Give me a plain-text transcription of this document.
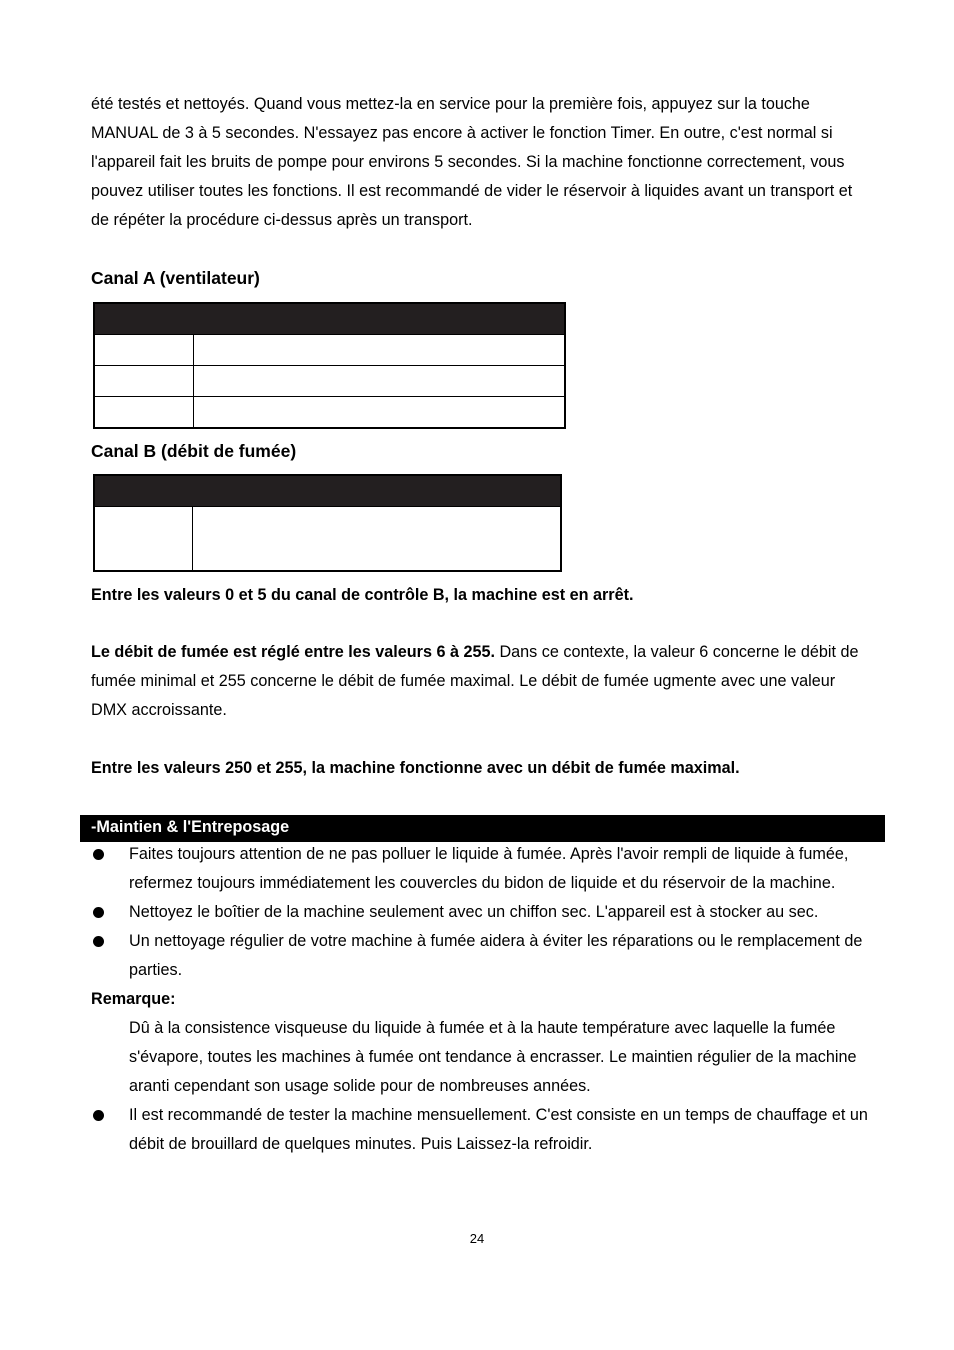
été testés et nettoyés. Quand vous mettez-la en service pour la première fois, appuyez sur la touche MANUAL de 3 à 5 secondes. N'essayez pas encore à activer le fonction Timer. En outre, c'est normal si l'appareil fait les bruits de pompe pour environs 5 secondes. Si la machine fonctionne correctement, vous pouvez utiliser toutes les fonctions. Il est recommandé de vider le réservoir à liquides avant un transport et de répéter la procédure ci-dessus après un transport.

Canal A (ventilateur)

Canal B (débit de fumée)

Entre les valeurs 0 et 5 du canal de contrôle B, la machine est en arrêt.

Le débit de fumée est réglé entre les valeurs 6 à 255. Dans ce contexte, la valeur 6 concerne le débit de fumée minimal et 255 concerne le débit de fumée maximal. Le débit de fumée ugmente avec une valeur DMX accroissante.

Entre les valeurs 250 et 255, la machine fonctionne avec un débit de fumée maximal.

-Maintien & l'Entreposage
Faites toujours attention de ne pas polluer le liquide à fumée. Après l'avoir rempli de liquide à fumée, refermez toujours immédiatement les couvercles du bidon de liquide et du réservoir de la machine.
Nettoyez le boîtier de la machine seulement avec un chiffon sec. L'appareil est à stocker au sec.
Un nettoyage régulier de votre machine à fumée aidera à éviter les réparations ou le remplacement de parties.
Remarque:
Dû à la consistence visqueuse du liquide à fumée et à la haute température avec laquelle la fumée s'évapore, toutes les machines à fumée ont tendance à encrasser. Le maintien régulier de la machine aranti cependant son usage solide pour de nombreuses années.
Il est recommandé de tester la machine mensuellement. C'est consiste en un temps de chauffage et un débit de brouillard de quelques minutes. Puis Laissez-la refroidir.
24
